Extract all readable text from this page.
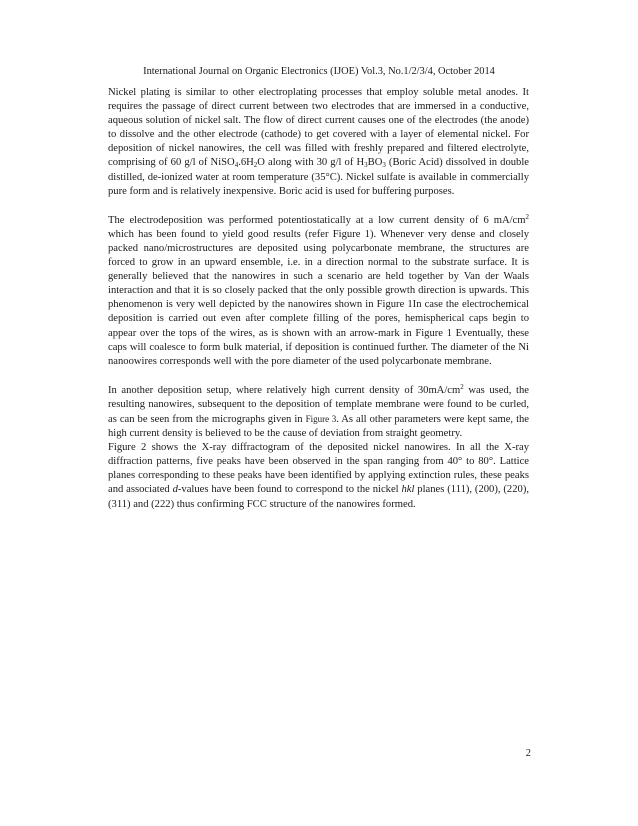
International Journal on Organic Electronics (IJOE) Vol.3, No.1/2/3/4, October 2014

Nickel plating is similar to other electroplating processes that employ soluble metal anodes. It requires the passage of direct current between two electrodes that are immersed in a conductive, aqueous solution of nickel salt. The flow of direct current causes one of the electrodes (the anode) to dissolve and the other electrode (cathode) to get covered with a layer of elemental nickel. For deposition of nickel nanowires, the cell was filled with freshly prepared and filtered electrolyte, comprising of 60 g/l of $NiSO_4.6H_2O$ along with 30 g/l of $H_3BO_3$ (Boric Acid) dissolved in double distilled, de-ionized water at room temperature (35°C). Nickel sulfate is available in commercially pure form and is relatively inexpensive. Boric acid is used for buffering purposes.

The electrodeposition was performed potentiostatically at a low current density of 6 $mA/cm^2$ which has been found to yield good results (refer Figure 1). Whenever very dense and closely packed nano/microstructures are deposited using polycarbonate membrane, the structures are forced to grow in an upward ensemble, i.e. in a direction normal to the substrate surface. It is generally believed that the nanowires in such a scenario are held together by Van der Waals interaction and that it is so closely packed that the only possible growth direction is upwards. This phenomenon is very well depicted by the nanowires shown in Figure 1In case the electrochemical deposition is carried out even after complete filling of the pores, hemispherical caps begin to appear over the tops of the wires, as is shown with an arrow-mark in Figure 1 Eventually, these caps will coalesce to form bulk material, if deposition is continued further. The diameter of the Ni nanoowires corresponds well with the pore diameter of the used polycarbonate membrane.

In another deposition setup, where relatively high current density of $30mA/cm^2$ was used, the resulting nanowires, subsequent to the deposition of template membrane were found to be curled, as can be seen from the micrographs given in Figure 3. As all other parameters were kept same, the high current density is believed to be the cause of deviation from straight geometry.

Figure 2 shows the X-ray diffractogram of the deposited nickel nanowires. In all the X-ray diffraction patterns, five peaks have been observed in the span ranging from 40° to 80°. Lattice planes corresponding to these peaks have been identified by applying extinction rules, these peaks and associated d-values have been found to correspond to the nickel hkl planes (111), (200), (220), (311) and (222) thus confirming FCC structure of the nanowires formed.

2
